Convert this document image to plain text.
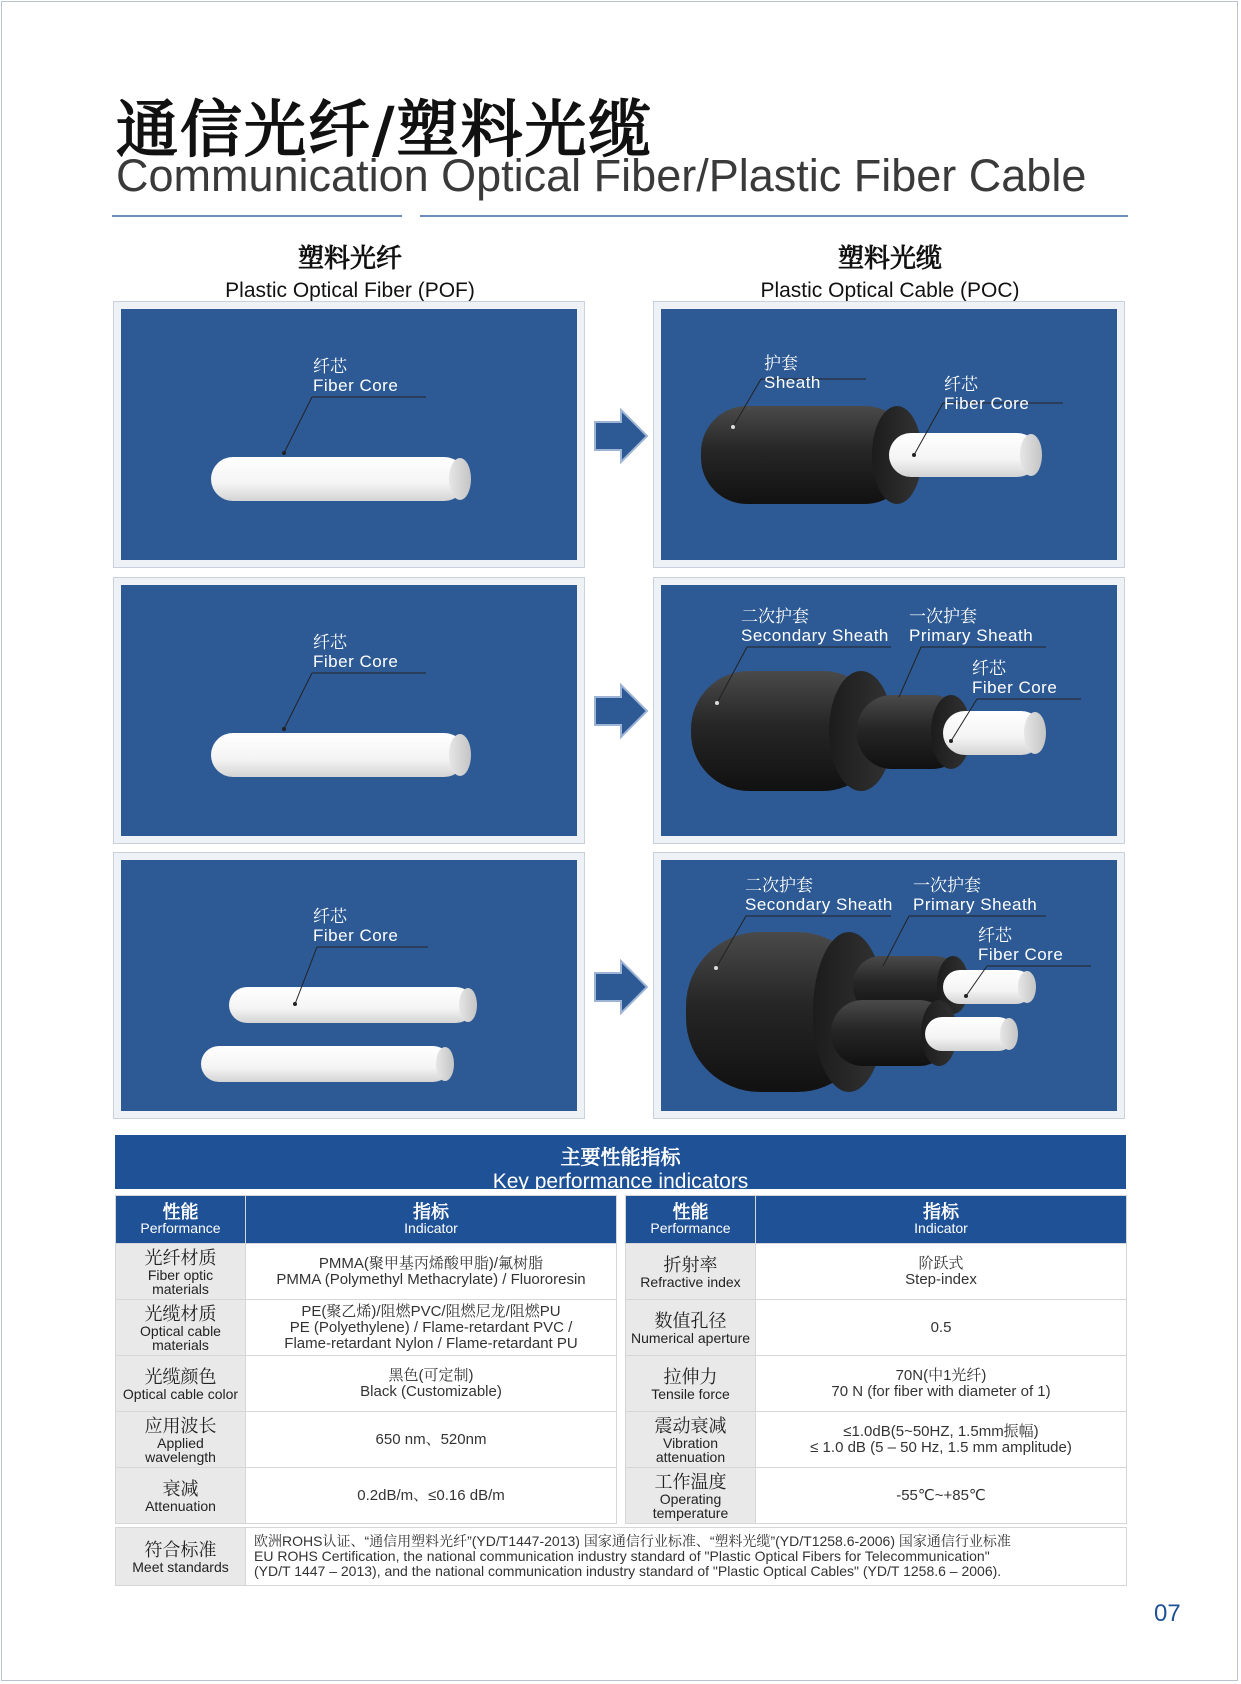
通信光纤/塑料光缆
Communication Optical Fiber/Plastic Fiber Cable
塑料光纤
Plastic Optical Fiber (POF)
塑料光缆
Plastic Optical Cable (POC)
纤芯
Fiber Core
护套
Sheath	纤芯
Fiber Core
纤芯
Fiber Core
二次护套
Secondary Sheath
一次护套
Primary Sheath
纤芯
Fiber Core
纤芯
Fiber Core
二次护套
Secondary Sheath
一次护套
Primary Sheath
纤芯
Fiber Core
主要性能指标
Key performance indicators
性能
Performance	指标
Indicator

光纤材质
Fiber optic materials	PMMA(聚甲基丙烯酸甲脂)/氟树脂
PMMA (Polymethyl Methacrylate) / Fluororesin

光缆材质
Optical cable materials	PE(聚乙烯)/阻燃PVC/阻燃尼龙/阻燃PU
PE (Polyethylene) / Flame-retardant PVC /
Flame-retardant Nylon / Flame-retardant PU

光缆颜色
Optical cable color	黑色(可定制)
Black (Customizable)

应用波长
Applied wavelength	650 nm、520nm

衰减
Attenuation	0.2dB/m、≤0.16 dB/m
性能
Performance	指标
Indicator

折射率
Refractive index	阶跃式
Step-index

数值孔径
Numerical aperture	0.5

拉伸力
Tensile force	70N(中1光纤)
70 N (for fiber with diameter of 1)

震动衰减
Vibration attenuation	≤1.0dB(5~50HZ, 1.5mm振幅)
≤ 1.0 dB (5 – 50 Hz, 1.5 mm amplitude)

工作温度
Operating temperature	-55℃~+85℃
符合标准
Meet standards

欧洲ROHS认证、“通信用塑料光纤”(YD/T1447-2013) 国家通信行业标准、“塑料光缆”(YD/T1258.6-2006) 国家通信行业标准
EU ROHS Certification, the national communication industry standard of "Plastic Optical Fibers for Telecommunication"
(YD/T 1447 – 2013), and the national communication industry standard of "Plastic Optical Cables" (YD/T 1258.6 – 2006).
07
